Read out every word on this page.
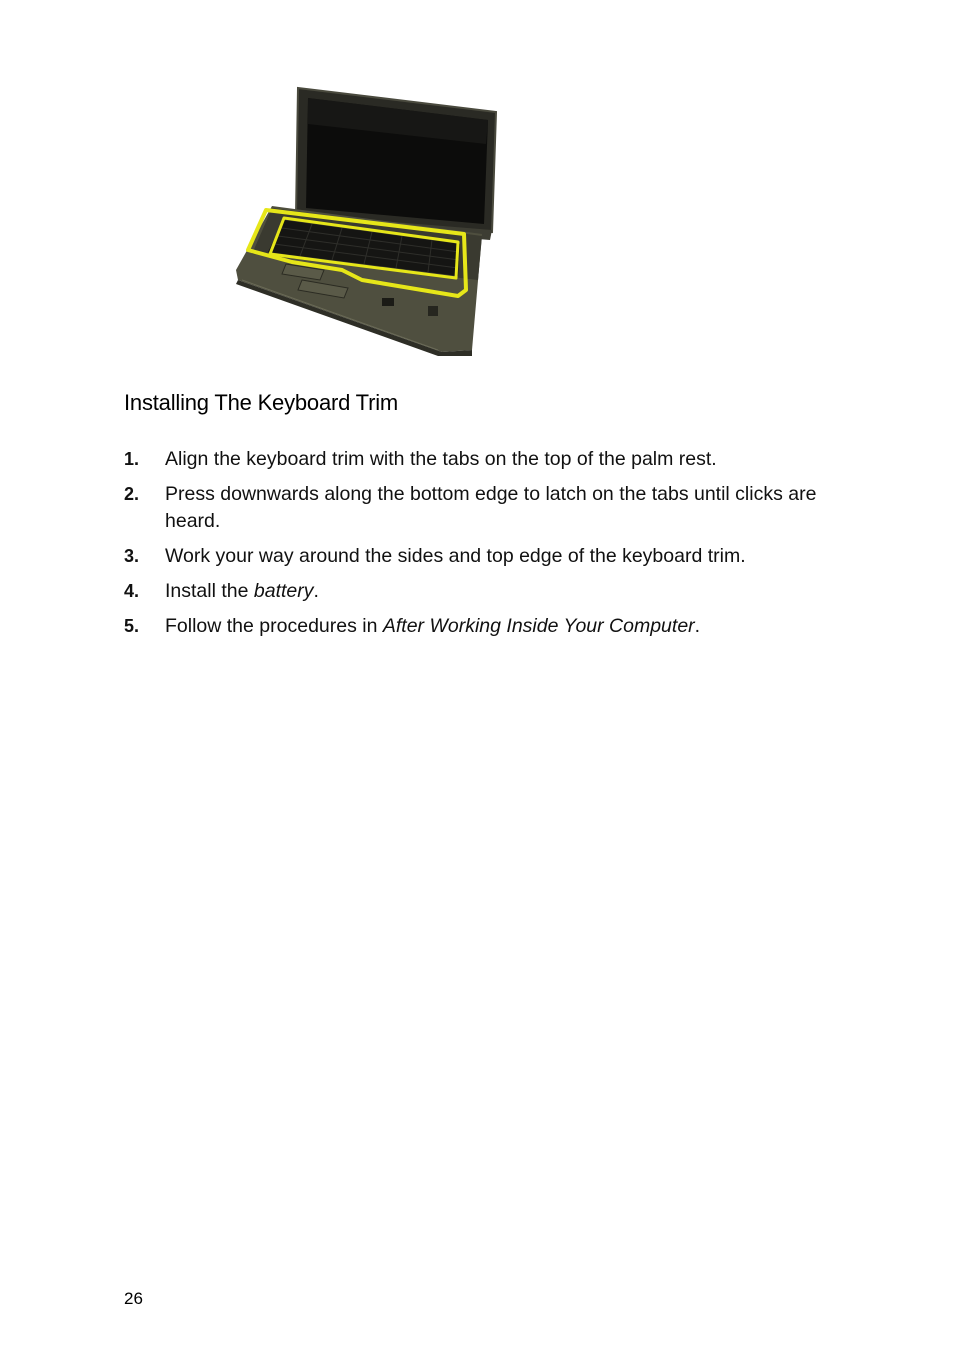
Installing The Keyboard Trim
1.	Align the keyboard trim with the tabs on the top of the palm rest.
2.	Press downwards along the bottom edge to latch on the tabs until clicks are heard.
3.	Work your way around the sides and top edge of the keyboard trim.
4.	Install the battery.
5.	Follow the procedures in After Working Inside Your Computer.
26
